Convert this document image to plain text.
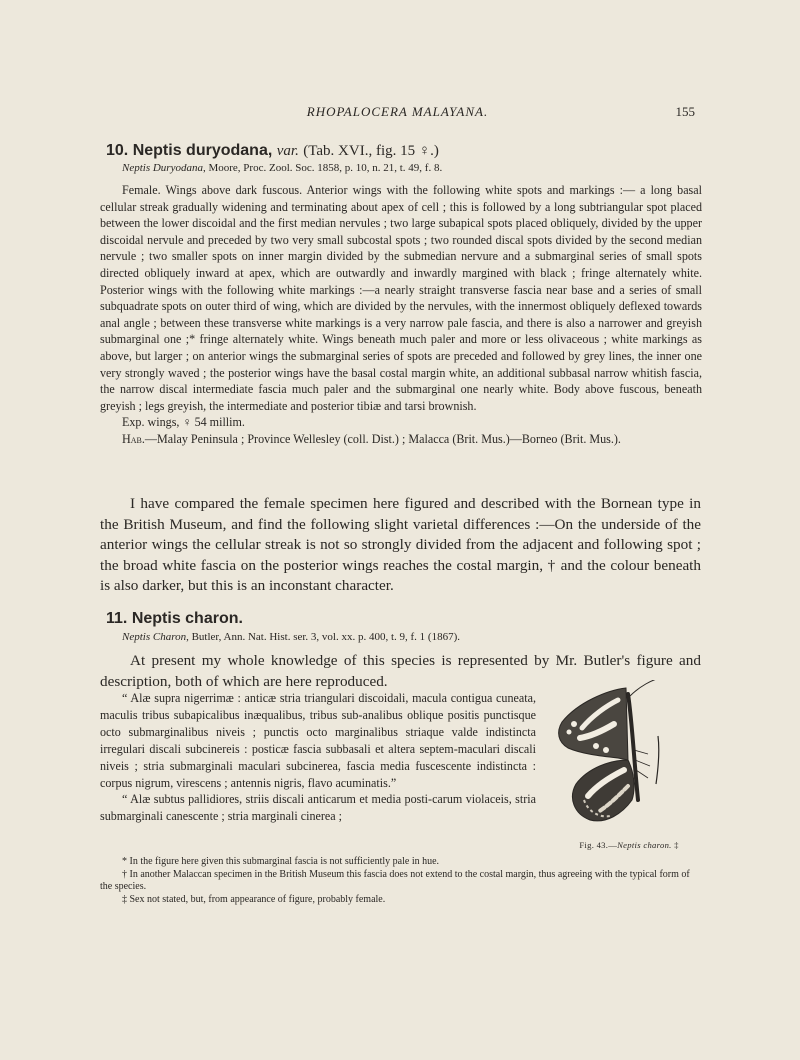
RHOPALOCERA MALAYANA.	155
10. Neptis duryodana, var. (Tab. XVI., fig. 15 ♀.)
Neptis Duryodana, Moore, Proc. Zool. Soc. 1858, p. 10, n. 21, t. 49, f. 8.

Female. Wings above dark fuscous. Anterior wings with the following white spots and markings :— a long basal cellular streak gradually widening and terminating about apex of cell ; this is followed by a long subtriangular spot placed between the lower discoidal and the first median nervules ; two large subapical spots placed obliquely, divided by the upper discoidal nervule and preceded by two very small subcostal spots ; two rounded discal spots divided by the second median nervule ; two smaller spots on inner margin divided by the submedian nervure and a submarginal series of small spots directed obliquely inward at apex, which are outwardly and inwardly margined with black ; fringe alternately white. Posterior wings with the following white markings :—a nearly straight transverse fascia near base and a series of small subquadrate spots on outer third of wing, which are divided by the nervules, with the innermost obliquely deflexed towards anal angle ; between these transverse white markings is a very narrow pale fascia, and there is also a narrower and greyish submarginal one ;* fringe alternately white. Wings beneath much paler and more or less olivaceous ; white markings as above, but larger ; on anterior wings the submarginal series of spots are preceded and followed by grey lines, the inner one very strongly waved ; the posterior wings have the basal costal margin white, an additional subbasal narrow whitish fascia, the narrow discal intermediate fascia much paler and the submarginal one nearly white. Body above fuscous, beneath greyish ; legs greyish, the intermediate and posterior tibiæ and tarsi brownish.

Exp. wings, ♀ 54 millim.

Hab.—Malay Peninsula ; Province Wellesley (coll. Dist.) ; Malacca (Brit. Mus.)—Borneo (Brit. Mus.).

I have compared the female specimen here figured and described with the Bornean type in the British Museum, and find the following slight varietal differences :—On the underside of the anterior wings the cellular streak is not so strongly divided from the adjacent and following spot ; the broad white fascia on the posterior wings reaches the costal margin, † and the colour beneath is also darker, but this is an inconstant character.

11. Neptis charon.
Neptis Charon, Butler, Ann. Nat. Hist. ser. 3, vol. xx. p. 400, t. 9, f. 1 (1867).

At present my whole knowledge of this species is represented by Mr. Butler's figure and description, both of which are here reproduced.

“ Alæ supra nigerrimæ : anticæ stria triangulari discoidali, macula contigua cuneata, maculis tribus subapicalibus inæqualibus, tribus sub-analibus oblique positis punctisque octo submarginalibus niveis ; punctis octo marginalibus striaque valde indistincta irregulari discali subcinereis : posticæ fascia subbasali et altera septem-maculari discali niveis ; stria submarginali maculari subcinerea, fascia media fuscescente indistincta : corpus nigrum, virescens ; antennis nigris, flavo acuminatis.”

“ Alæ subtus pallidiores, striis discali anticarum et media posti-carum violaceis, stria submarginali canescente ; stria marginali cinerea ;

Fig. 43.—Neptis charon. ‡

* In the figure here given this submarginal fascia is not sufficiently pale in hue.

† In another Malaccan specimen in the British Museum this fascia does not extend to the costal margin, thus agreeing with the typical form of the species.

‡ Sex not stated, but, from appearance of figure, probably female.
